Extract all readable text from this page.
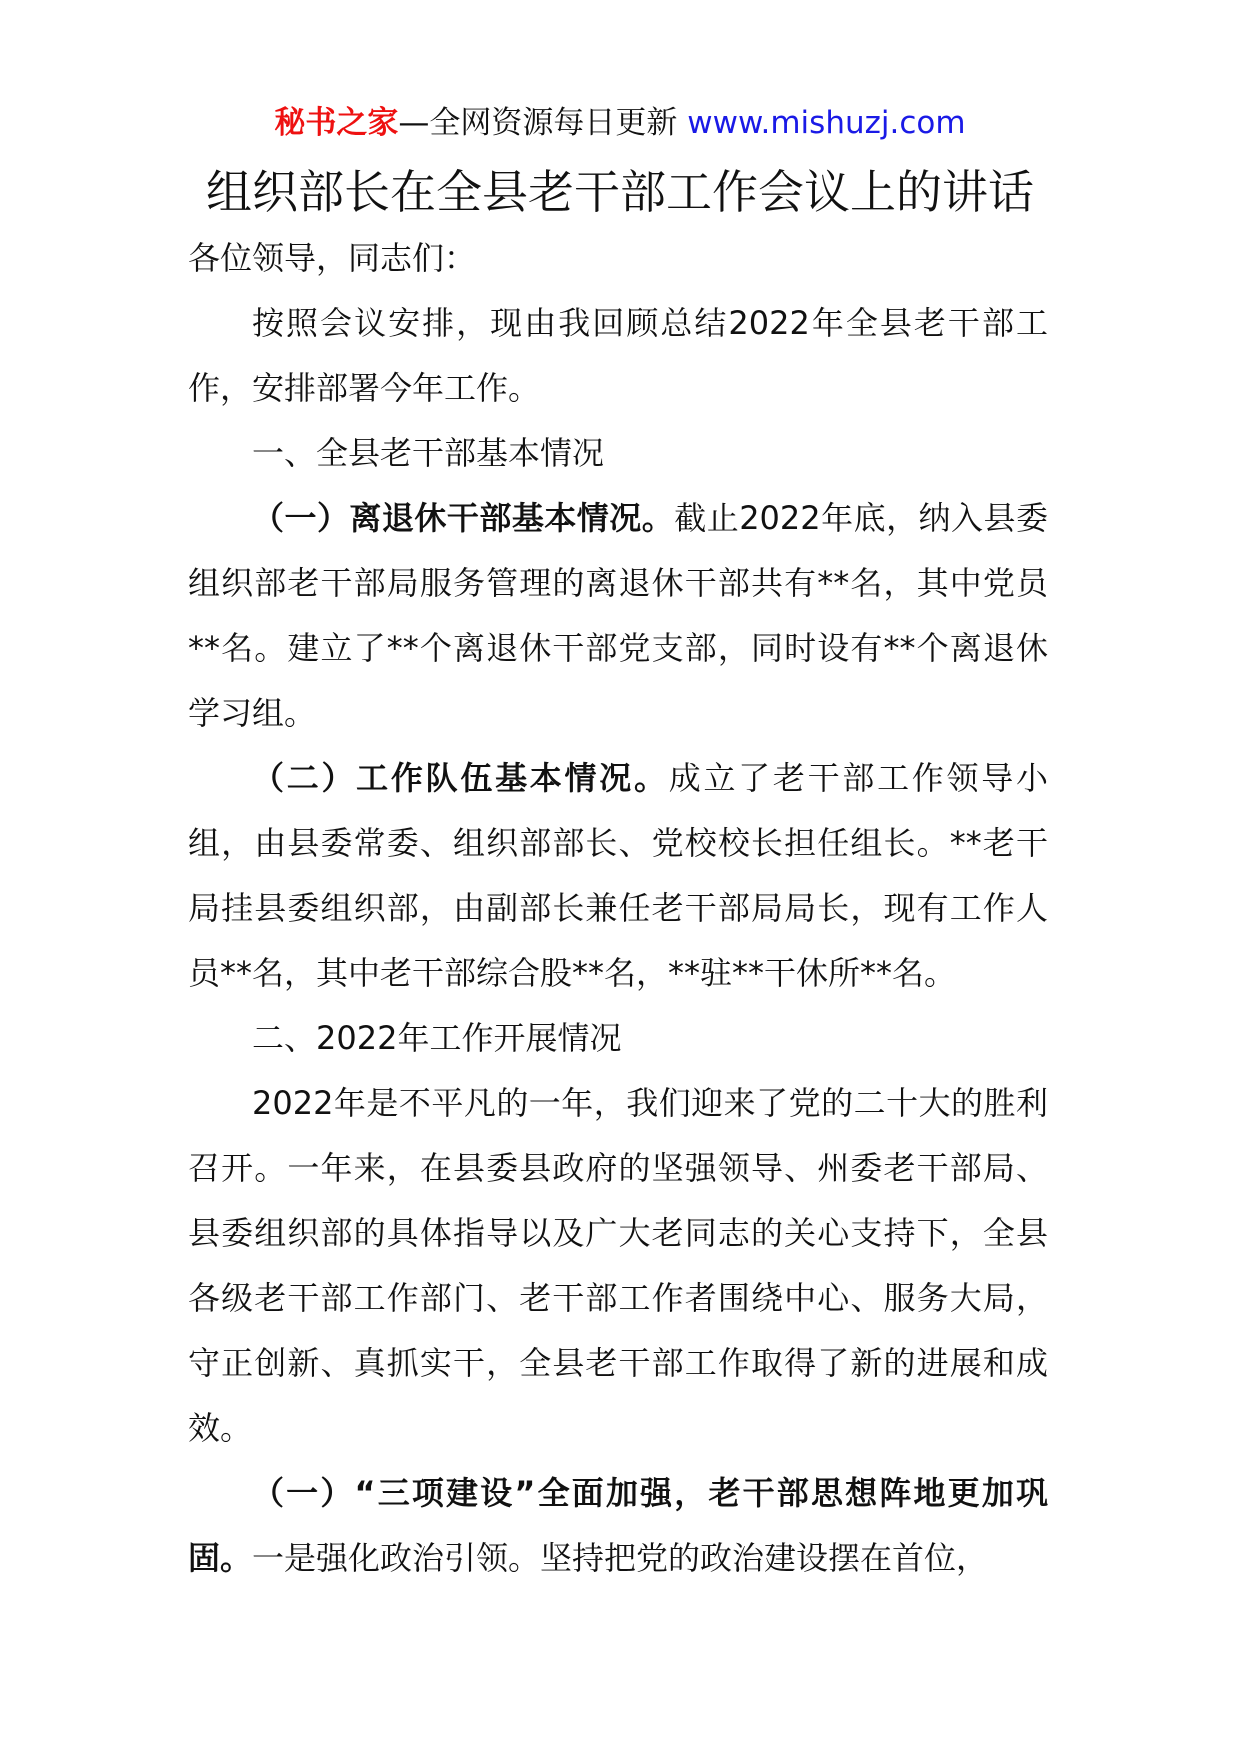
秘书之家—全网资源每日更新 www.mishuzj.com
组织部长在全县老干部工作会议上的讲话

各位领导，同志们：

按照会议安排，现由我回顾总结2022年全县老干部工作，安排部署今年工作。

一、全县老干部基本情况

（一）离退休干部基本情况。截止2022年底，纳入县委组织部老干部局服务管理的离退休干部共有**名，其中党员**名。建立了**个离退休干部党支部，同时设有**个离退休学习组。

（二）工作队伍基本情况。成立了老干部工作领导小组，由县委常委、组织部部长、党校校长担任组长。**老干局挂县委组织部，由副部长兼任老干部局局长，现有工作人员**名，其中老干部综合股**名，**驻**干休所**名。

二、2022年工作开展情况

2022年是不平凡的一年，我们迎来了党的二十大的胜利召开。一年来，在县委县政府的坚强领导、州委老干部局、县委组织部的具体指导以及广大老同志的关心支持下，全县各级老干部工作部门、老干部工作者围绕中心、服务大局，守正创新、真抓实干，全县老干部工作取得了新的进展和成效。

（一）“三项建设”全面加强，老干部思想阵地更加巩固。一是强化政治引领。坚持把党的政治建设摆在首位，
